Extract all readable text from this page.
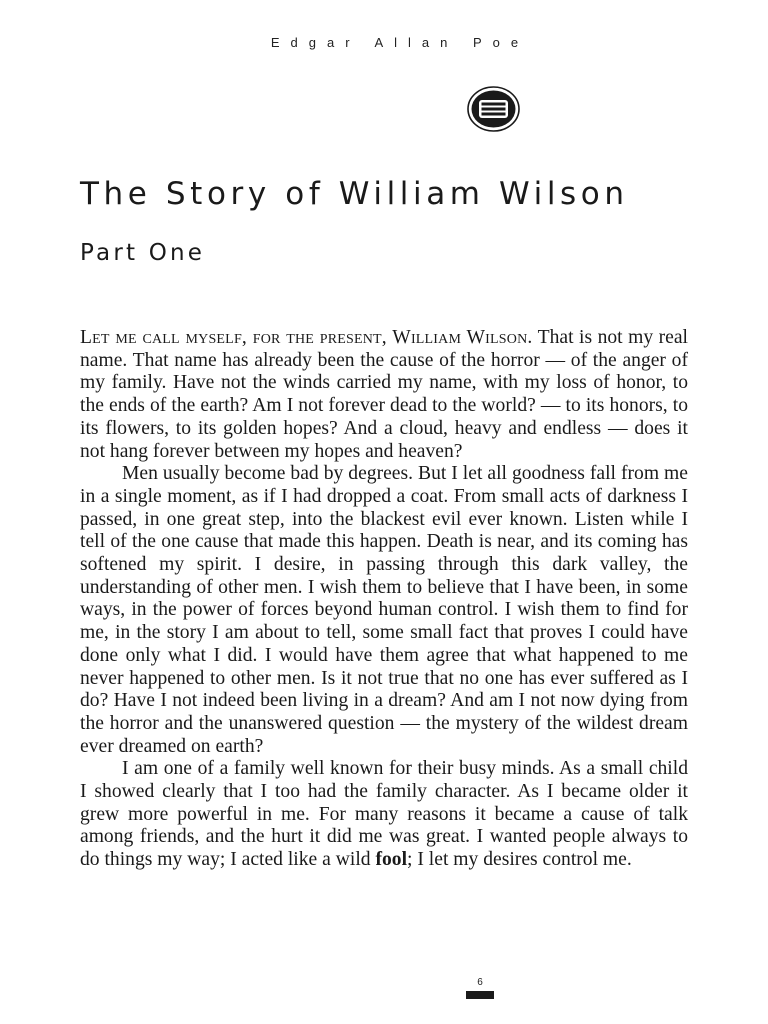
Edgar Allan Poe
The Story of William Wilson
Part One

Let me call myself, for the present, William Wilson. That is not my real name. That name has already been the cause of the horror — of the anger of my family. Have not the winds carried my name, with my loss of honor, to the ends of the earth? Am I not forever dead to the world? — to its honors, to its flowers, to its golden hopes? And a cloud, heavy and endless — does it not hang forever between my hopes and heaven?

Men usually become bad by degrees. But I let all goodness fall from me in a single moment, as if I had dropped a coat. From small acts of darkness I passed, in one great step, into the blackest evil ever known. Listen while I tell of the one cause that made this happen. Death is near, and its coming has softened my spirit. I desire, in passing through this dark valley, the understanding of other men. I wish them to believe that I have been, in some ways, in the power of forces beyond human control. I wish them to find for me, in the story I am about to tell, some small fact that proves I could have done only what I did. I would have them agree that what happened to me never happened to other men. Is it not true that no one has ever suffered as I do? Have I not indeed been living in a dream? And am I not now dying from the horror and the unanswered question — the mystery of the wildest dream ever dreamed on earth?

I am one of a family well known for their busy minds. As a small child I showed clearly that I too had the family character. As I became older it grew more powerful in me. For many reasons it became a cause of talk among friends, and the hurt it did me was great. I wanted people always to do things my way; I acted like a wild fool; I let my desires control me.

6
